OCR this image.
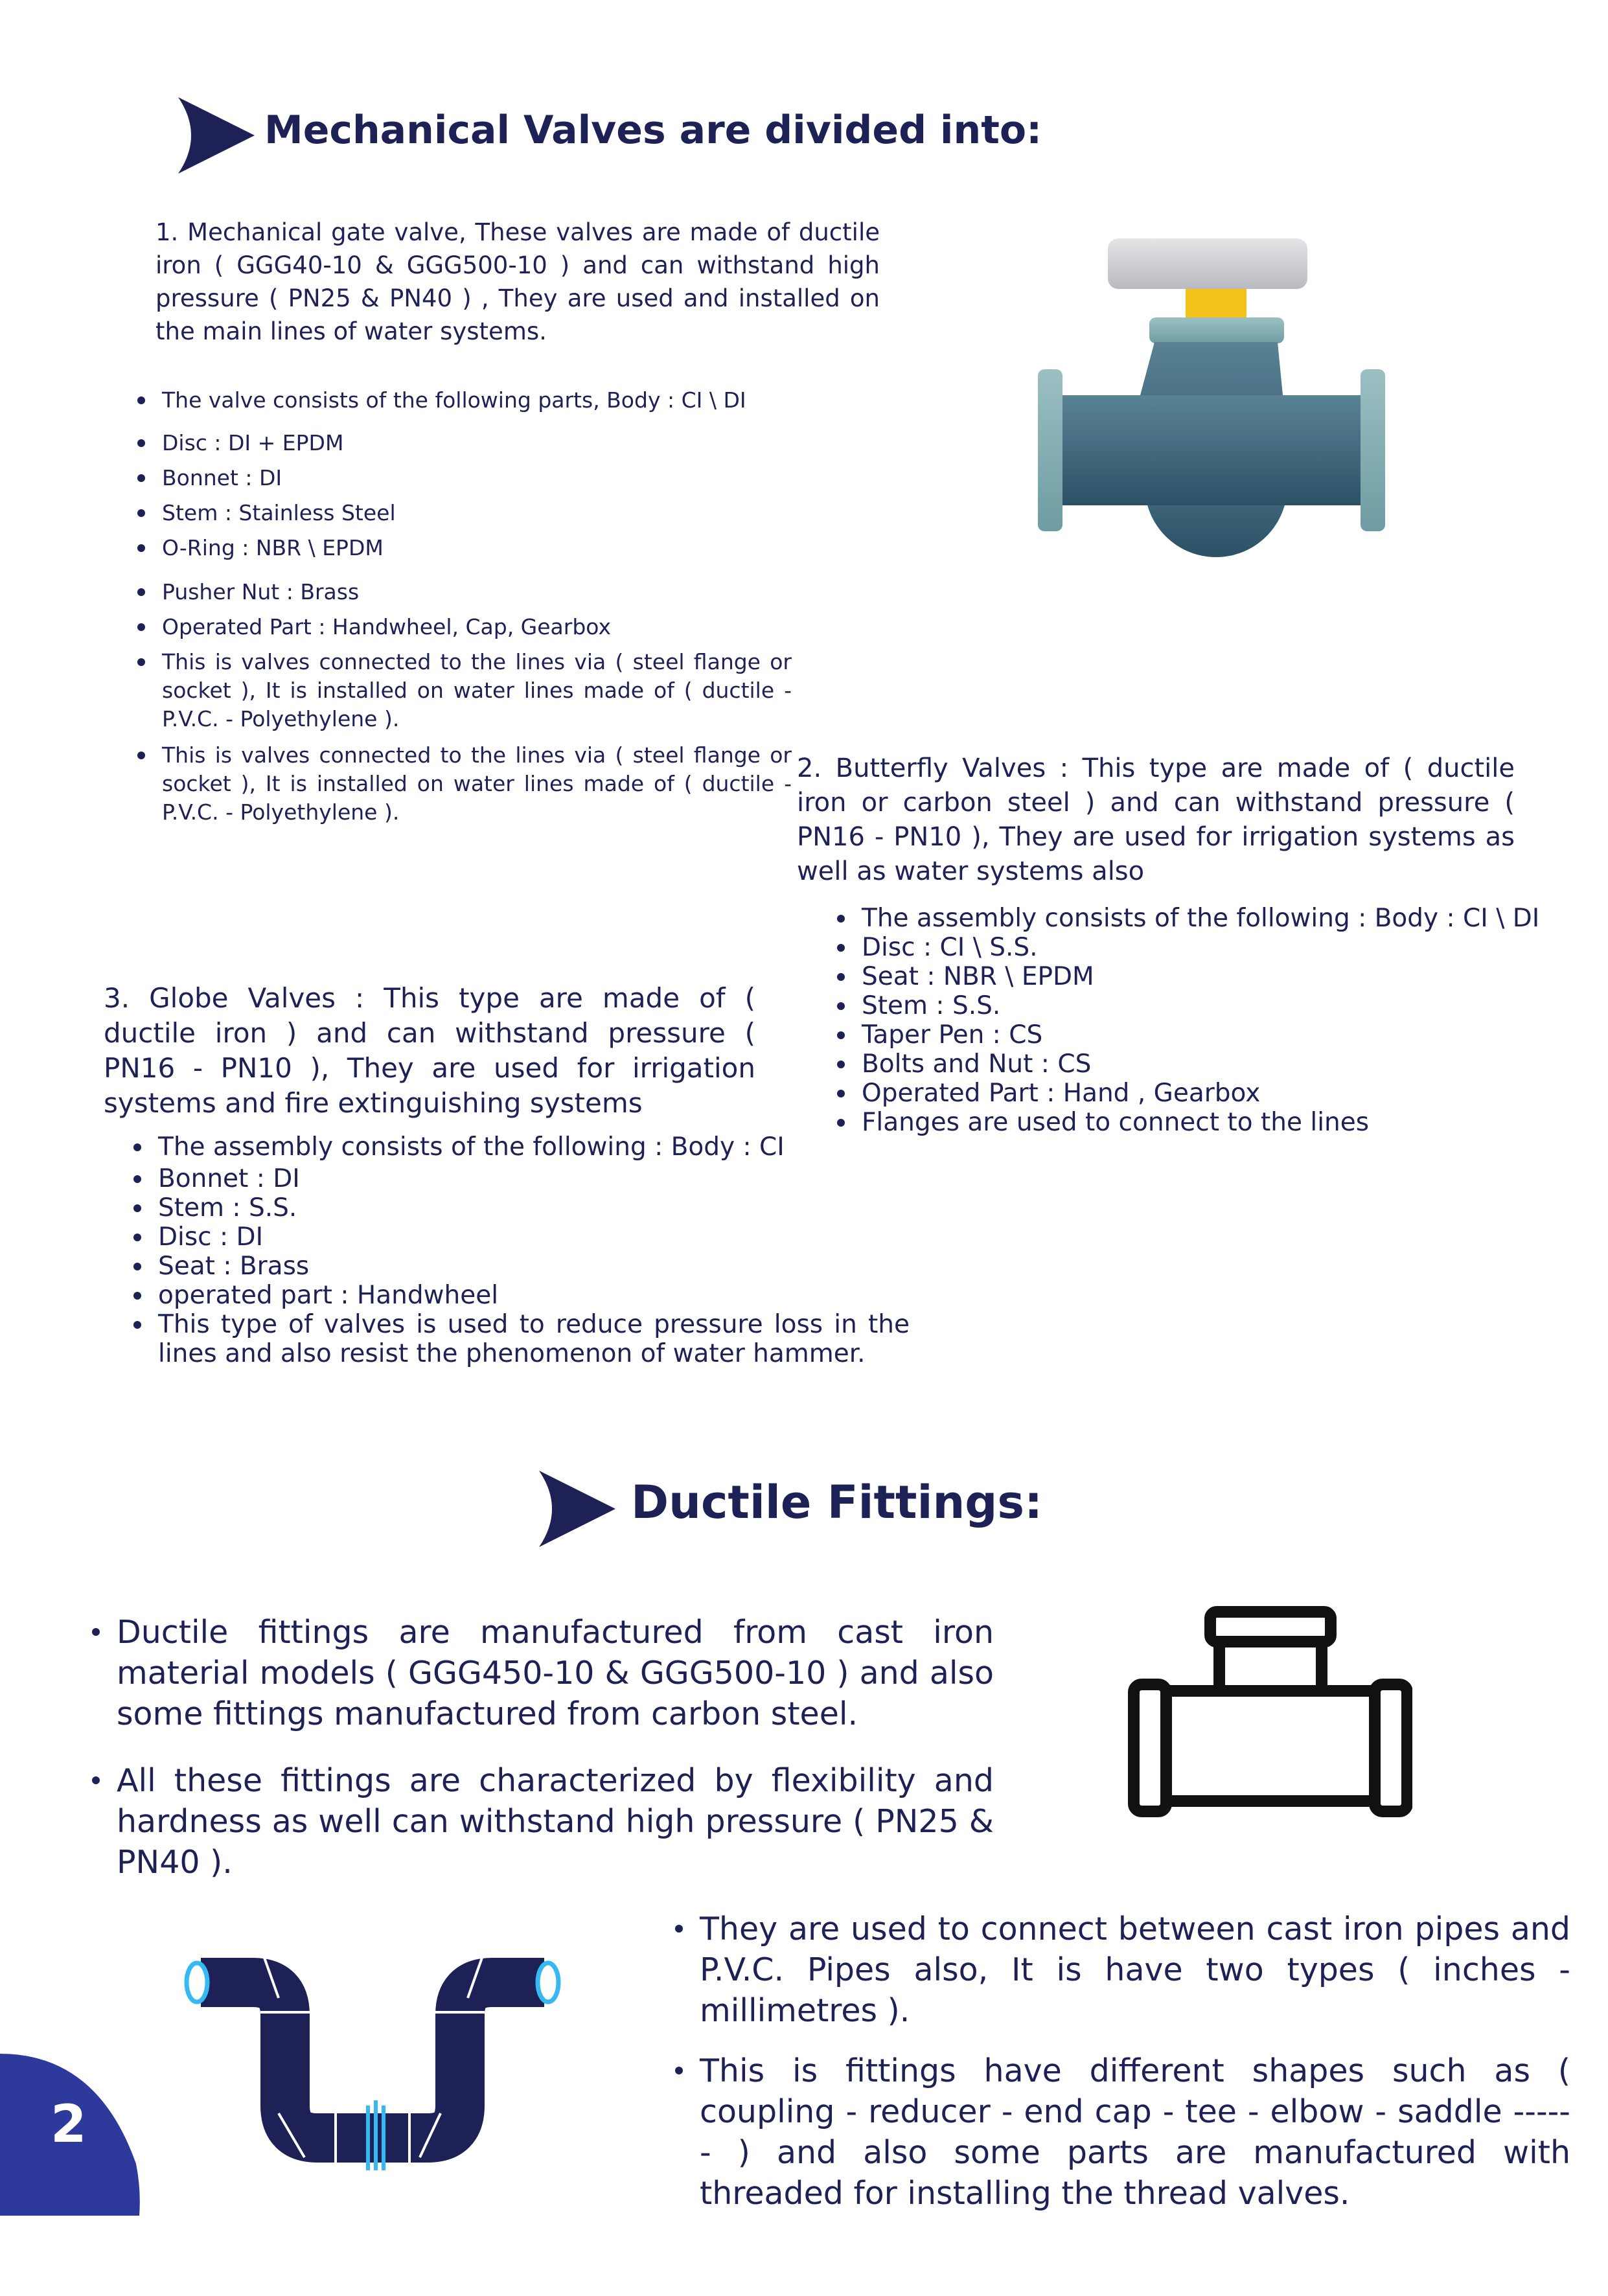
Mechanical Valves are divided into:

1. Mechanical gate valve, These valves are made of ductile iron ( GGG40-10 & GGG500-10 ) and can withstand high pressure ( PN25 & PN40 ) , They are used and installed on the main lines of water systems.

The valve consists of the following parts, Body : CI \ DI
Disc : DI + EPDM
Bonnet : DI
Stem : Stainless Steel
O-Ring : NBR \ EPDM
Pusher Nut : Brass
Operated Part : Handwheel, Cap, Gearbox
This is valves connected to the lines via ( steel flange or socket ), It is installed on water lines made of ( ductile - P.V.C. - Polyethylene ).
This is valves connected to the lines via ( steel flange or socket ), It is installed on water lines made of ( ductile - P.V.C. - Polyethylene ).

2. Butterfly Valves : This type are made of ( ductile iron or carbon steel ) and can withstand pressure ( PN16 - PN10 ), They are used for irrigation systems as well as water systems also

The assembly consists of the following : Body : CI \ DI
Disc : CI \ S.S.
Seat : NBR \ EPDM
Stem : S.S.
Taper Pen : CS
Bolts and Nut : CS
Operated Part : Hand , Gearbox
Flanges are used to connect to the lines

3. Globe Valves : This type are made of ( ductile iron ) and can withstand pressure ( PN16 - PN10 ), They are used for irrigation systems and fire extinguishing systems

The assembly consists of the following : Body : CI
Bonnet : DI
Stem : S.S.
Disc : DI
Seat : Brass
operated part : Handwheel
This type of valves is used to reduce pressure loss in the lines and also resist the phenomenon of water hammer.
Ductile Fittings:
Ductile fittings are manufactured from cast iron material models ( GGG450-10 & GGG500-10 ) and also some fittings manufactured from carbon steel.
All these fittings are characterized by flexibility and hardness as well can withstand high pressure ( PN25 & PN40 ).
They are used to connect between cast iron pipes and P.V.C. Pipes also, It is have two types ( inches - millimetres ).
This is fittings have different shapes such as ( coupling - reducer - end cap - tee - elbow - saddle ------ ) and also some parts are manufactured with threaded for installing the thread valves.
2
